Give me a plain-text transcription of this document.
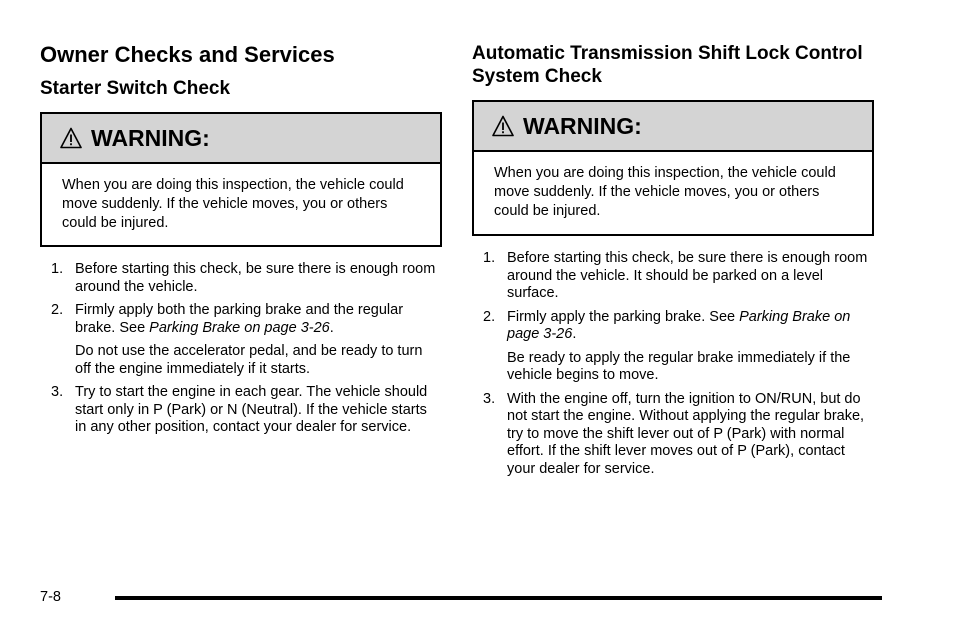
Owner Checks and Services
Starter Switch Check
WARNING:
When you are doing this inspection, the vehicle could move suddenly. If the vehicle moves, you or others could be injured.
1. Before starting this check, be sure there is enough room around the vehicle.
2. Firmly apply both the parking brake and the regular brake. See Parking Brake on page 3-26.
Do not use the accelerator pedal, and be ready to turn off the engine immediately if it starts.
3. Try to start the engine in each gear. The vehicle should start only in P (Park) or N (Neutral). If the vehicle starts in any other position, contact your dealer for service.
Automatic Transmission Shift Lock Control System Check
WARNING:
When you are doing this inspection, the vehicle could move suddenly. If the vehicle moves, you or others could be injured.
1. Before starting this check, be sure there is enough room around the vehicle. It should be parked on a level surface.
2. Firmly apply the parking brake. See Parking Brake on page 3-26.
Be ready to apply the regular brake immediately if the vehicle begins to move.
3. With the engine off, turn the ignition to ON/RUN, but do not start the engine. Without applying the regular brake, try to move the shift lever out of P (Park) with normal effort. If the shift lever moves out of P (Park), contact your dealer for service.
7-8
